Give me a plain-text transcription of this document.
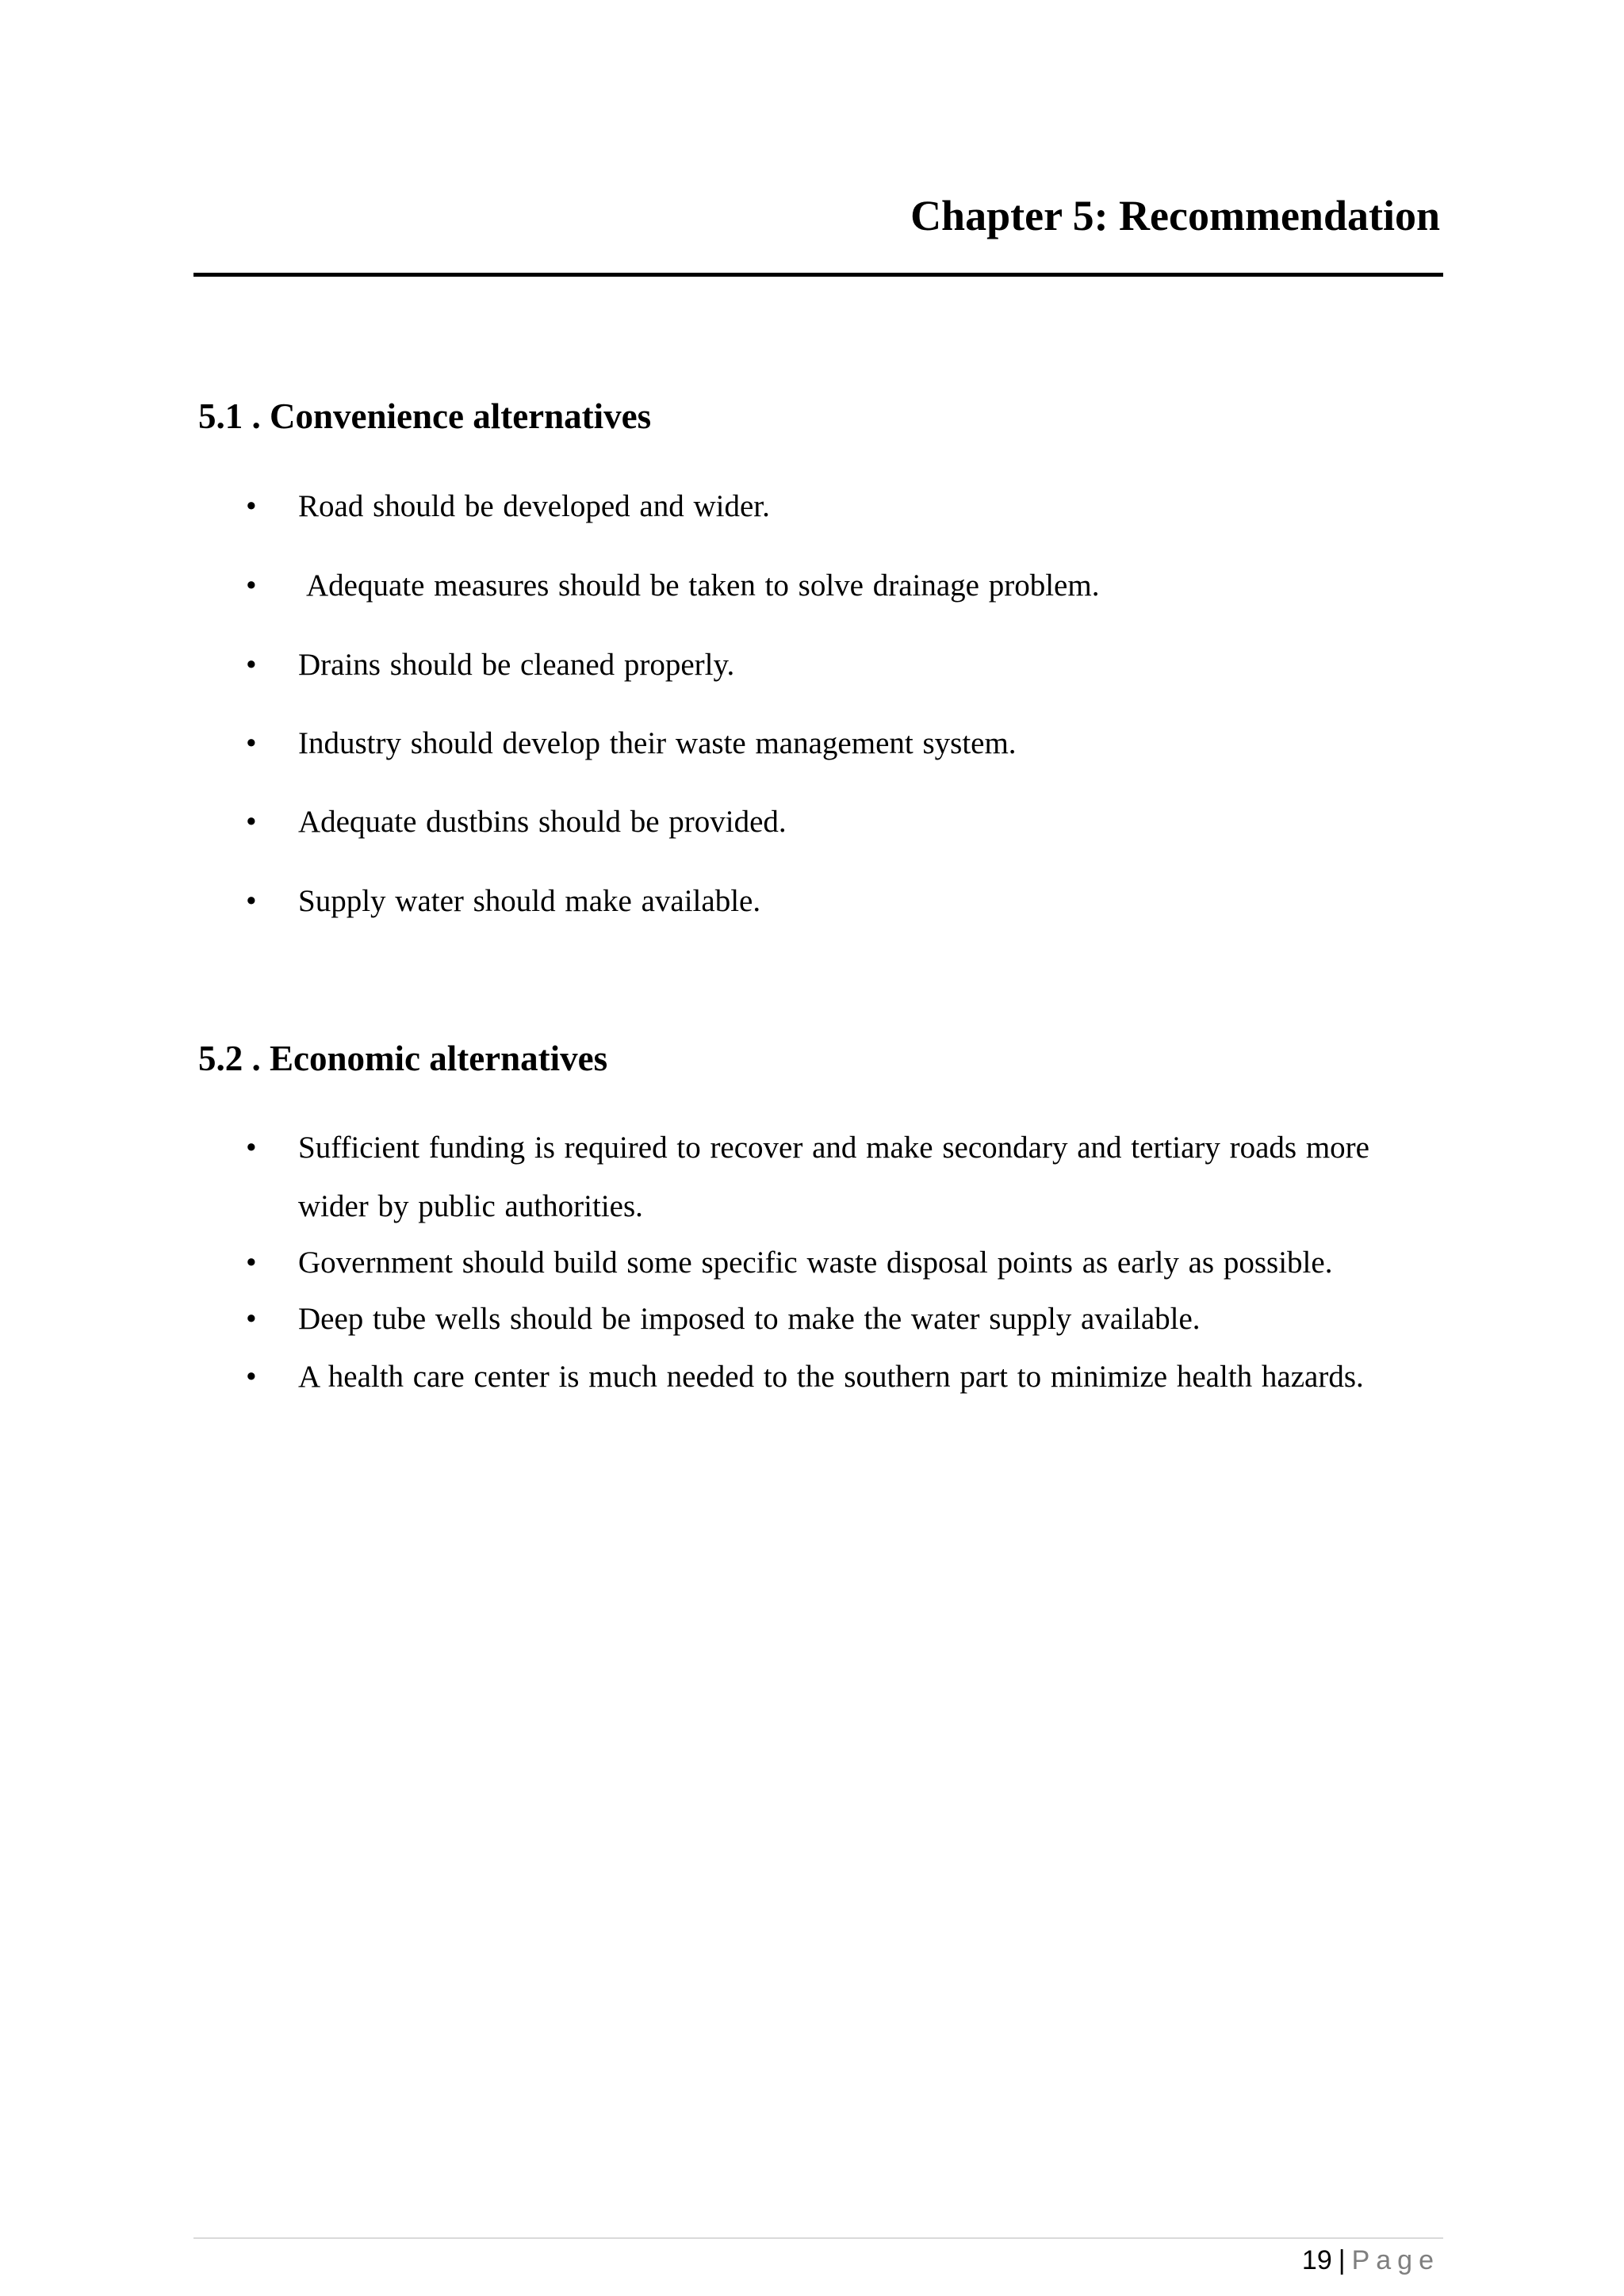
Chapter 5: Recommendation
5.1 . Convenience alternatives
• Road should be developed and wider.
• Adequate measures should be taken to solve drainage problem.
• Drains should be cleaned properly.
• Industry should develop their waste management system.
• Adequate dustbins should be provided.
• Supply water should make available.
5.2 . Economic alternatives
• Sufficient funding is required to recover and make secondary and tertiary roads more wider by public authorities.
• Government should build some specific waste disposal points as early as possible.
• Deep tube wells should be imposed to make the water supply available.
• A health care center is much needed to the southern part to minimize health hazards.
19 | Page
